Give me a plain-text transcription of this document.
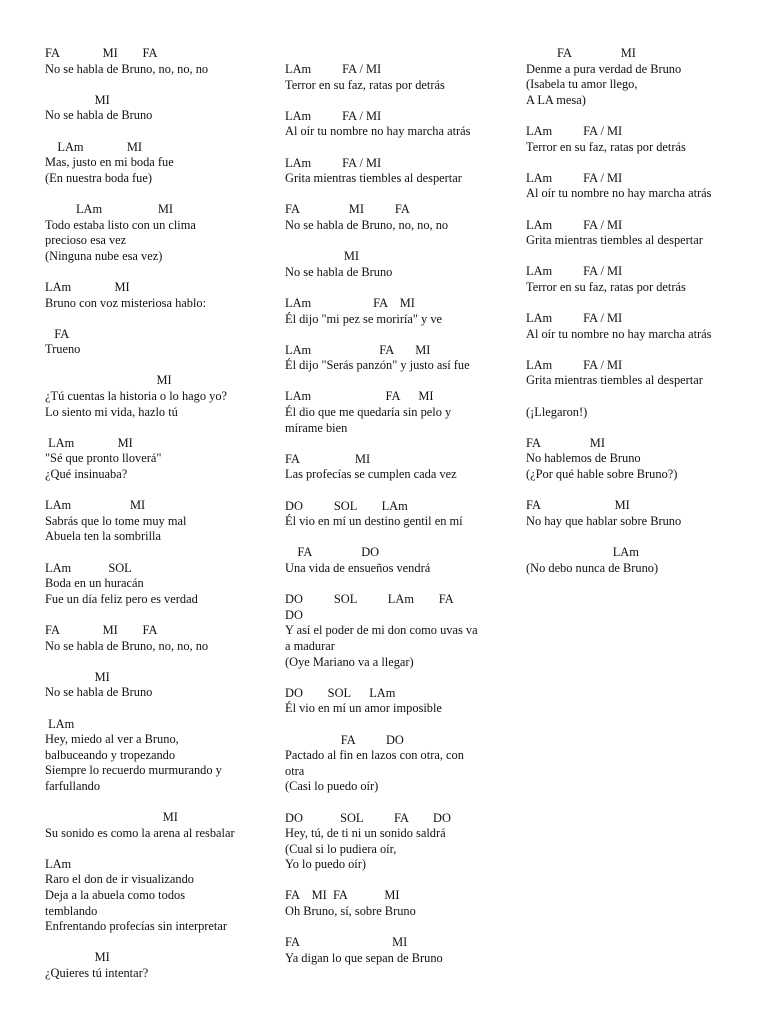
FA              MI        FA
No se habla de Bruno, no, no, no
MI
No se habla de Bruno
LAm              MI
Mas, justo en mi boda fue
(En nuestra boda fue)
LAm                  MI
Todo estaba listo con un clima
precioso esa vez
(Ninguna nube esa vez)
LAm              MI
Bruno con voz misteriosa hablo:
FA
Trueno
MI
¿Tú cuentas la historia o lo hago yo?
Lo siento mi vida, hazlo tú
LAm              MI
"Sé que pronto lloverá"
¿Qué insinuaba?
LAm                   MI
Sabrás que lo tome muy mal
Abuela ten la sombrilla
LAm            SOL
Boda en un huracán
Fue un día feliz pero es verdad
FA              MI        FA
No se habla de Bruno, no, no, no
MI
No se habla de Bruno
LAm
Hey, miedo al ver a Bruno,
balbuceando y tropezando
Siempre lo recuerdo murmurando y
farfullando
MI
Su sonido es como la arena al resbalar
LAm
Raro el don de ir visualizando
Deja a la abuela como todos
temblando
Enfrentando profecías sin interpretar
MI
¿Quieres tú intentar?
LAm          FA / MI
Terror en su faz, ratas por detrás
LAm          FA / MI
Al oír tu nombre no hay marcha atrás
LAm          FA / MI
Grita mientras tiembles al despertar
FA                MI          FA
No se habla de Bruno, no, no, no
MI
No se habla de Bruno
LAm                    FA    MI
Él dijo "mi pez se moriría" y ve
LAm                      FA       MI
Él dijo "Serás panzón" y justo así fue
LAm                        FA      MI
Él dio que me quedaría sin pelo y
mírame bien
FA                  MI
Las profecías se cumplen cada vez
DO          SOL        LAm
Él vio en mí un destino gentil en mí
FA                DO
Una vida de ensueños vendrá
DO          SOL          LAm        FA
DO
Y así el poder de mi don como uvas va
a madurar
(Oye Mariano va a llegar)
DO        SOL      LAm
Él vio en mí un amor imposible
FA          DO
Pactado al fin en lazos con otra, con
otra
(Casi lo puedo oír)
DO            SOL          FA        DO
Hey, tú, de ti ni un sonido saldrá
(Cual si lo pudiera oír,
Yo lo puedo oír)
FA    MI  FA            MI
Oh Bruno, sí, sobre Bruno
FA                              MI
Ya digan lo que sepan de Bruno
FA                MI
Denme a pura verdad de Bruno
(Isabela tu amor llego,
A LA mesa)
LAm          FA / MI
Terror en su faz, ratas por detrás
LAm          FA / MI
Al oír tu nombre no hay marcha atrás
LAm          FA / MI
Grita mientras tiembles al despertar
LAm          FA / MI
Terror en su faz, ratas por detrás
LAm          FA / MI
Al oír tu nombre no hay marcha atrás
LAm          FA / MI
Grita mientras tiembles al despertar
(¡Llegaron!)
FA                MI
No hablemos de Bruno
(¿Por qué hable sobre Bruno?)
FA                        MI
No hay que hablar sobre Bruno
LAm
(No debo nunca de Bruno)
